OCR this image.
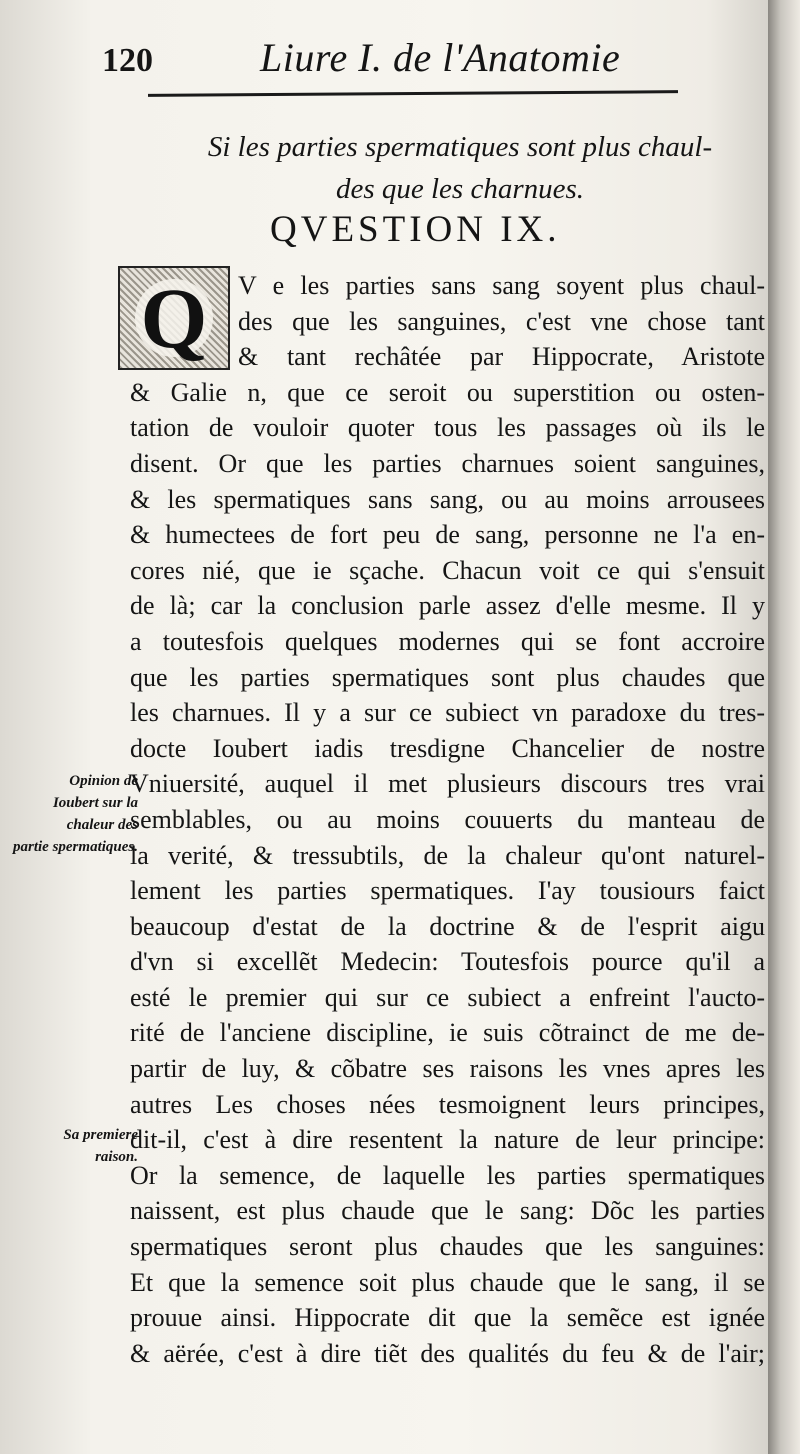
120	Liure I. de l'Anatomie
Si les parties spermatiques sont plus chaul-
des que les charnues.
QVESTION IX.
Q V e les parties sans sang soyent plus chaul-
des que les sanguines, c'est vne chose tant
& tant rechâtée par Hippocrate, Aristote
& Galie n, que ce seroit ou superstition ou osten-
tation de vouloir quoter tous les passages où ils le
disent. Or que les parties charnues soient sanguines,
& les spermatiques sans sang, ou au moins arrousees
& humectees de fort peu de sang, personne ne l'a en-
cores nié, que ie sçache. Chacun voit ce qui s'ensuit
de là; car la conclusion parle assez d'elle mesme. Il y
a toutesfois quelques modernes qui se font accroire
que les parties spermatiques sont plus chaudes que
les charnues. Il y a sur ce subiect vn paradoxe du tres-
docte Ioubert iadis tresdigne Chancelier de nostre
Vniuersité, auquel il met plusieurs discours tres vrai
semblables, ou au moins couuerts du manteau de
la verité, & tressubtils, de la chaleur qu'ont naturel-
lement les parties spermatiques. I'ay tousiours faict
beaucoup d'estat de la doctrine & de l'esprit aigu
d'vn si excellẽt Medecin: Toutesfois pource qu'il a
esté le premier qui sur ce subiect a enfreint l'aucto-
rité de l'anciene discipline, ie suis cõtrainct de me de-
partir de luy, & cõbatre ses raisons les vnes apres les
autres Les choses nées tesmoignent leurs principes,
dit-il, c'est à dire resentent la nature de leur principe:
Or la semence, de laquelle les parties spermatiques
naissent, est plus chaude que le sang: Dõc les parties
spermatiques seront plus chaudes que les sanguines:
Et que la semence soit plus chaude que le sang, il se
prouue ainsi. Hippocrate dit que la semẽce est ignée
& aërée, c'est à dire tiẽt des qualités du feu & de l'air;
Opinion de
Ioubert sur la
chaleur des
partie spermatiques.
Sa premiere
raison.
